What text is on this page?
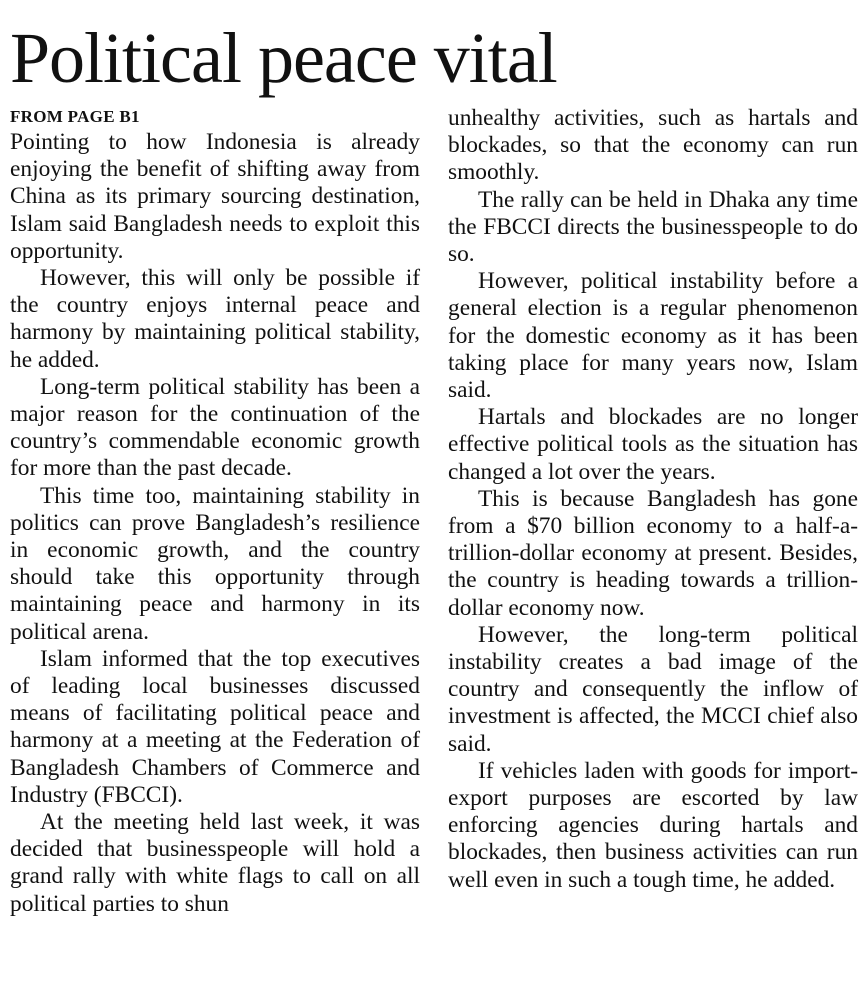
Political peace vital
FROM PAGE B1

Pointing to how Indonesia is already enjoying the benefit of shifting away from China as its primary sourcing destination, Islam said Bangladesh needs to exploit this opportunity.

However, this will only be possible if the country enjoys internal peace and harmony by maintaining political stability, he added.

Long-term political stability has been a major reason for the continuation of the country’s commendable economic growth for more than the past decade.

This time too, maintaining stability in politics can prove Bangladesh’s resilience in economic growth, and the country should take this opportunity through maintaining peace and harmony in its political arena.

Islam informed that the top executives of leading local businesses discussed means of facilitating political peace and harmony at a meeting at the Federation of Bangladesh Chambers of Commerce and Industry (FBCCI).

At the meeting held last week, it was decided that businesspeople will hold a grand rally with white flags to call on all political parties to shun

unhealthy activities, such as hartals and blockades, so that the economy can run smoothly.

The rally can be held in Dhaka any time the FBCCI directs the businesspeople to do so.

However, political instability before a general election is a regular phenomenon for the domestic economy as it has been taking place for many years now, Islam said.

Hartals and blockades are no longer effective political tools as the situation has changed a lot over the years.

This is because Bangladesh has gone from a $70 billion economy to a half-a-trillion-dollar economy at present. Besides, the country is heading towards a trillion-dollar economy now.

However, the long-term political instability creates a bad image of the country and consequently the inflow of investment is affected, the MCCI chief also said.

If vehicles laden with goods for import-export purposes are escorted by law enforcing agencies during hartals and blockades, then business activities can run well even in such a tough time, he added.
